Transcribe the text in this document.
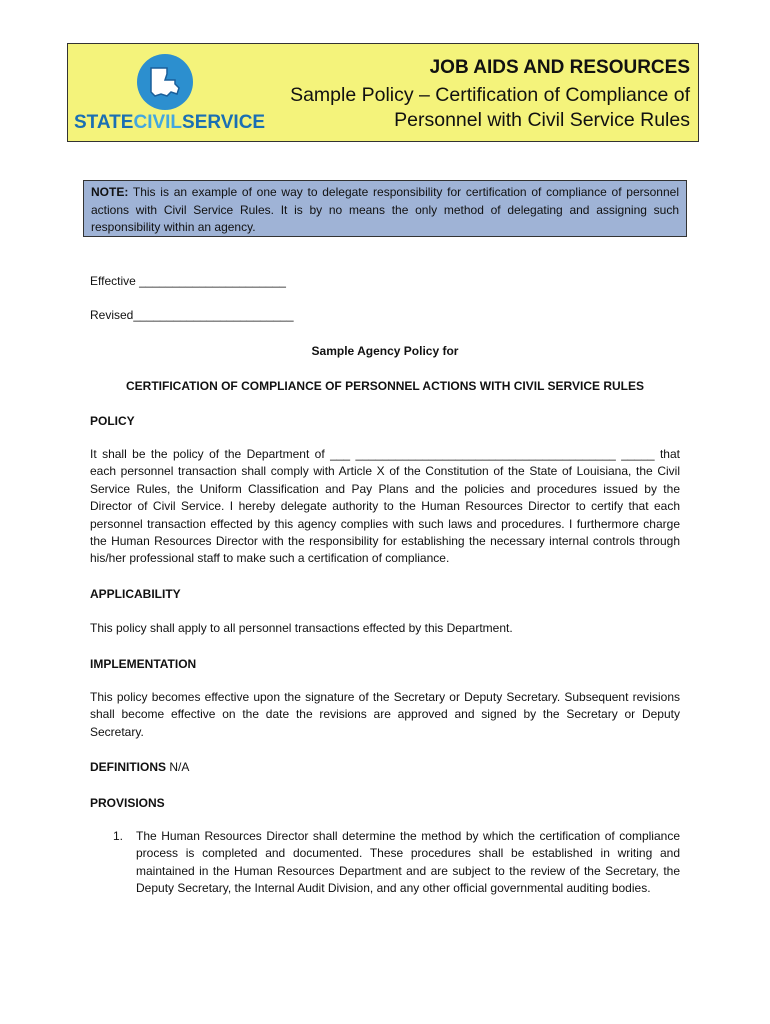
STATECIVILSERVICE
JOB AIDS AND RESOURCES
Sample Policy – Certification of Compliance of Personnel with Civil Service Rules
NOTE: This is an example of one way to delegate responsibility for certification of compliance of personnel actions with Civil Service Rules. It is by no means the only method of delegating and assigning such responsibility within an agency.
Effective ______________________
Revised________________________
Sample Agency Policy for
CERTIFICATION OF COMPLIANCE OF PERSONNEL ACTIONS WITH CIVIL SERVICE RULES
POLICY
It shall be the policy of the Department of ___ _______________________________________ _____ that each personnel transaction shall comply with Article X of the Constitution of the State of Louisiana, the Civil Service Rules, the Uniform Classification and Pay Plans and the policies and procedures issued by the Director of Civil Service. I hereby delegate authority to the Human Resources Director to certify that each personnel transaction effected by this agency complies with such laws and procedures. I furthermore charge the Human Resources Director with the responsibility for establishing the necessary internal controls through his/her professional staff to make such a certification of compliance.
APPLICABILITY
This policy shall apply to all personnel transactions effected by this Department.
IMPLEMENTATION
This policy becomes effective upon the signature of the Secretary or Deputy Secretary. Subsequent revisions shall become effective on the date the revisions are approved and signed by the Secretary or Deputy Secretary.
DEFINITIONS N/A
PROVISIONS
1. The Human Resources Director shall determine the method by which the certification of compliance process is completed and documented. These procedures shall be established in writing and maintained in the Human Resources Department and are subject to the review of the Secretary, the Deputy Secretary, the Internal Audit Division, and any other official governmental auditing bodies.
